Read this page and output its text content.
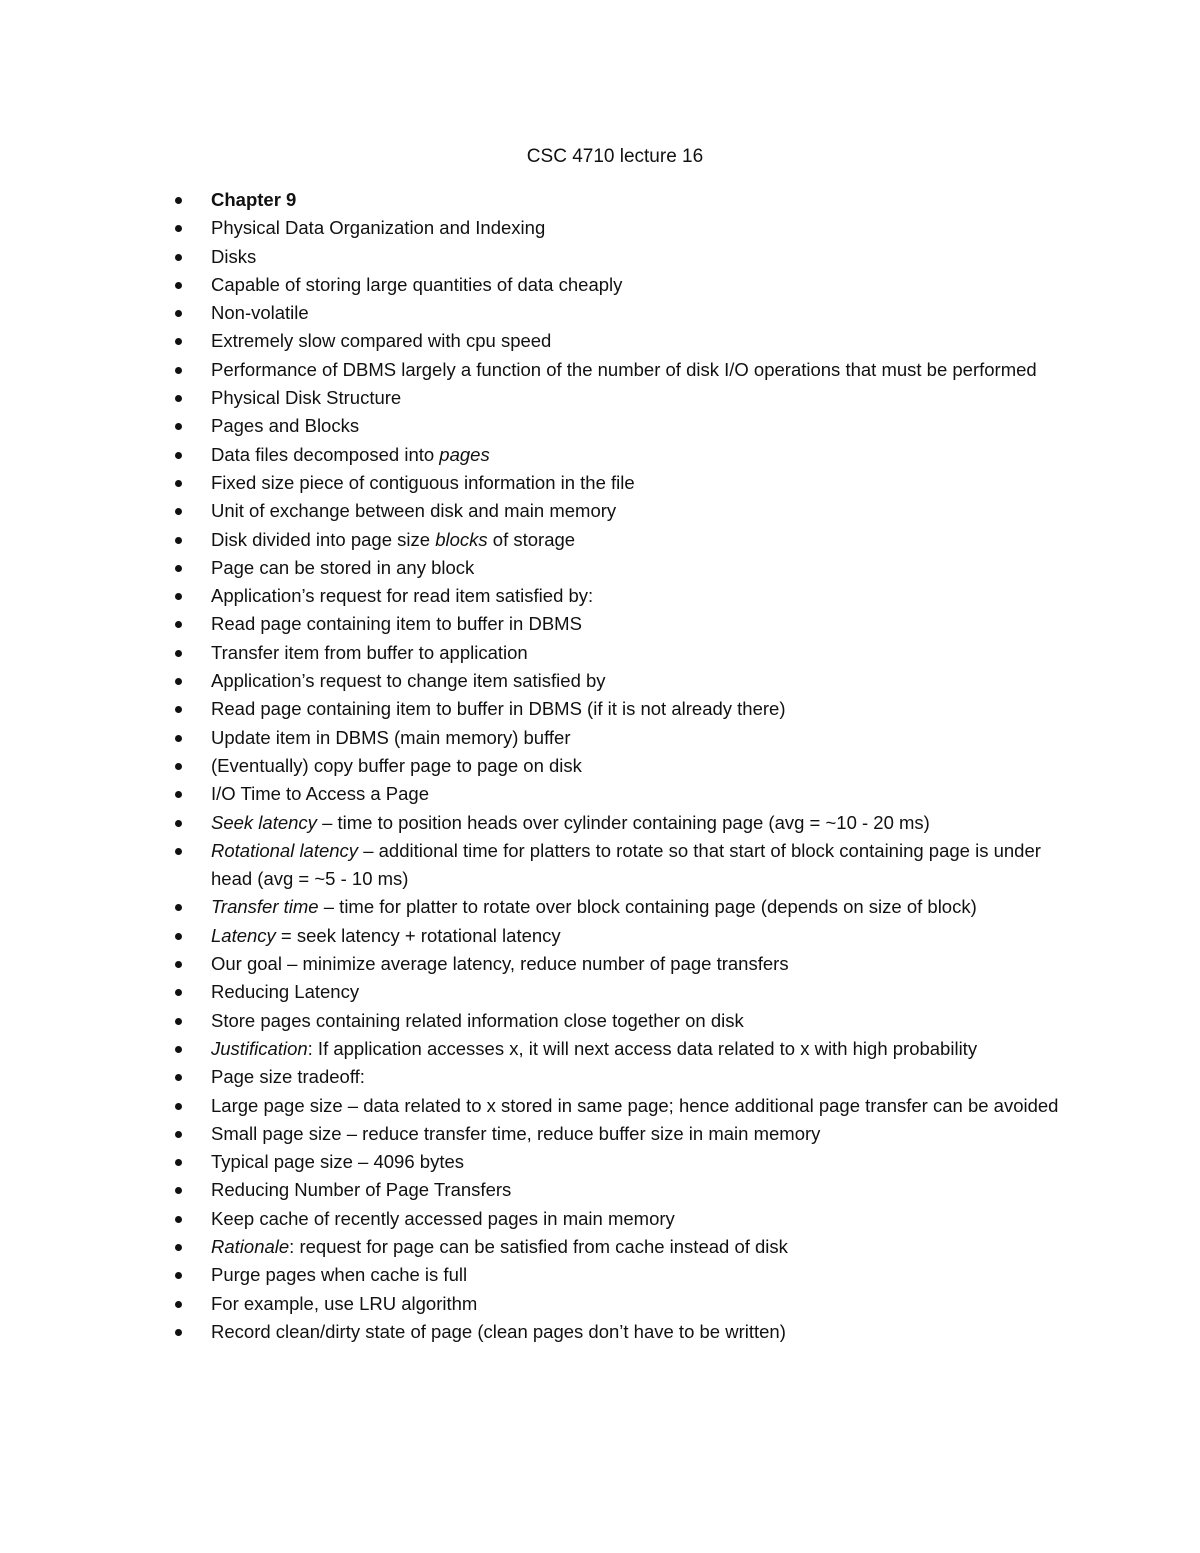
CSC 4710 lecture 16
Chapter 9
Physical Data Organization and Indexing
Disks
Capable of storing large quantities of data cheaply
Non-volatile
Extremely slow compared with cpu speed
Performance of DBMS largely a function of the number of disk I/O operations that must be performed
Physical Disk Structure
Pages and Blocks
Data files decomposed into pages
Fixed size piece of contiguous information in the file
Unit of exchange between disk and main memory
Disk divided into page size blocks of storage
Page can be stored in any block
Application’s request for read item satisfied by:
Read page containing item to buffer in DBMS
Transfer item from buffer to application
Application’s request to change item satisfied by
Read page containing item to buffer in DBMS (if it is not already there)
Update item in DBMS (main memory) buffer
(Eventually) copy buffer page to page on disk
I/O Time to Access a Page
Seek latency – time to position heads over cylinder containing page (avg = ~10 - 20 ms)
Rotational latency – additional time for platters to rotate so that start of block containing page is under head (avg = ~5 - 10 ms)
Transfer time – time for platter to rotate over block containing page (depends on size of block)
Latency = seek latency + rotational latency
Our goal – minimize average latency, reduce number of page transfers
Reducing Latency
Store pages containing related information close together on disk
Justification: If application accesses x, it will next access data related to x with high probability
Page size tradeoff:
Large page size – data related to x stored in same page; hence additional page transfer can be avoided
Small page size – reduce transfer time, reduce buffer size in main memory
Typical page size – 4096 bytes
Reducing Number of Page Transfers
Keep cache of recently accessed pages in main memory
Rationale: request for page can be satisfied from cache instead of disk
Purge pages when cache is full
For example, use LRU algorithm
Record clean/dirty state of page (clean pages don’t have to be written)
